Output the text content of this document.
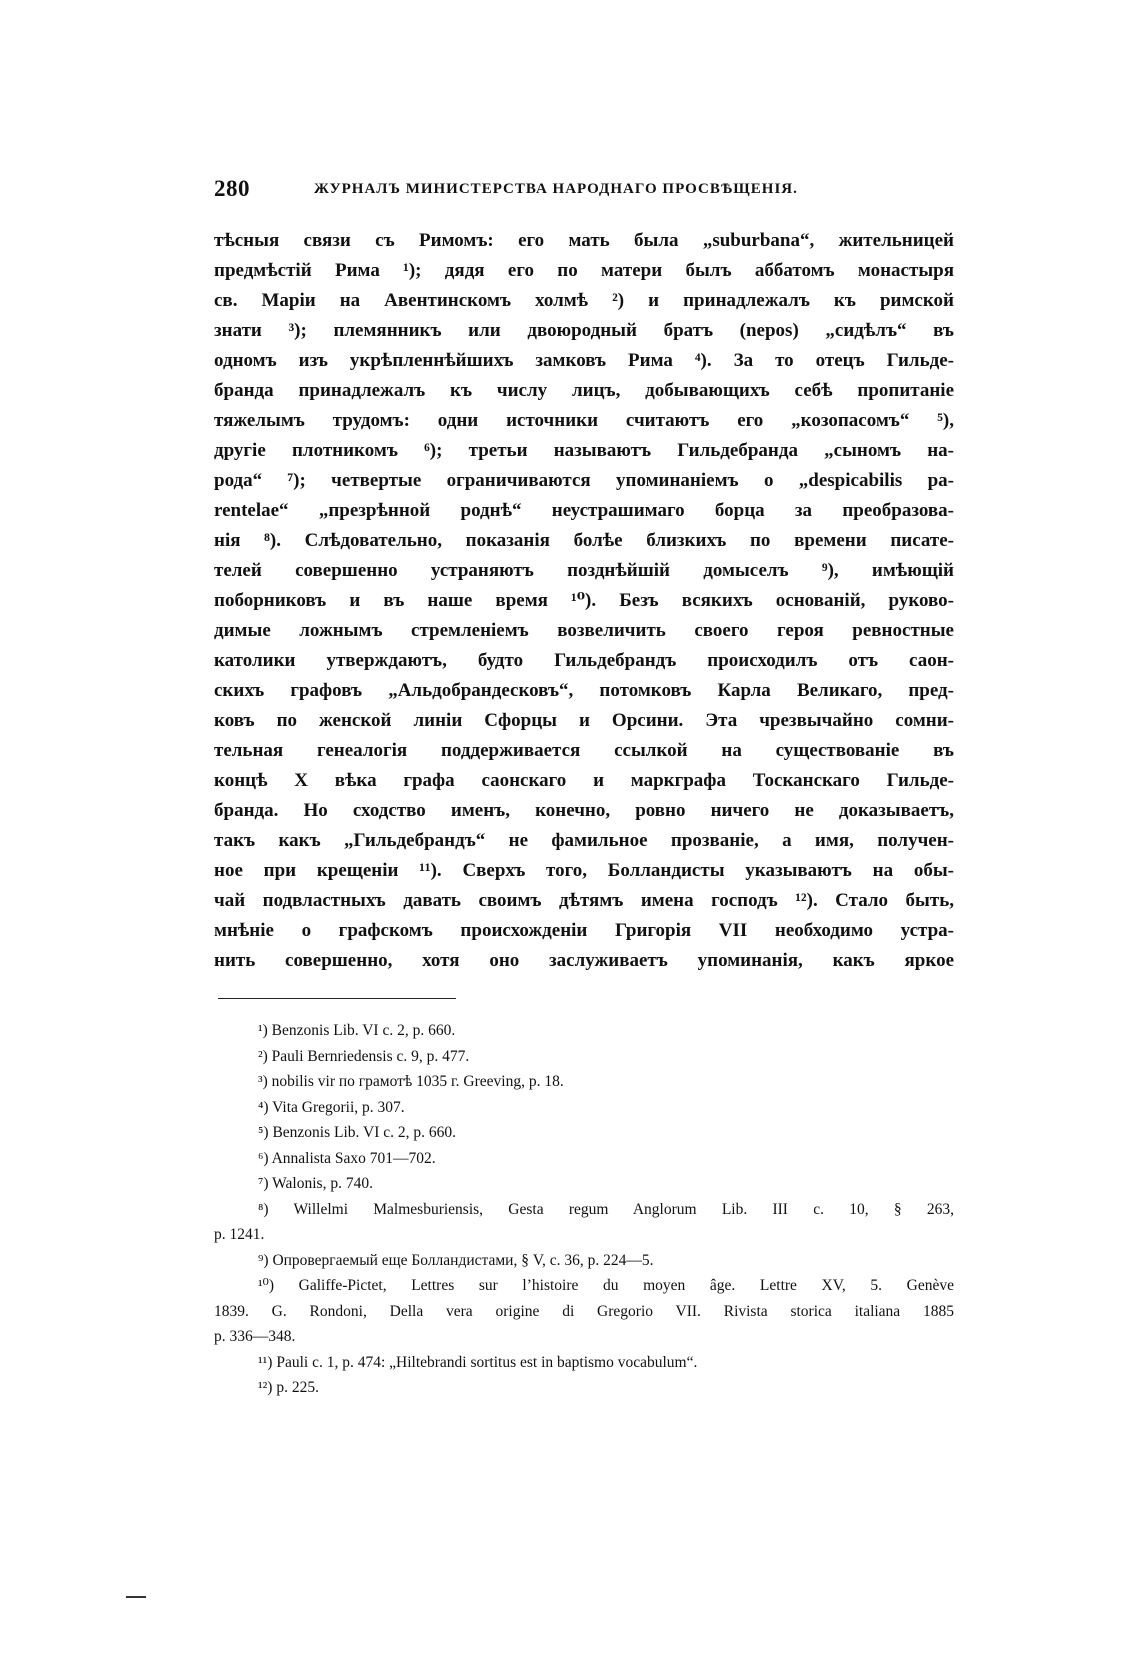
280	ЖУРНАЛЪ МИНИСТЕРСТВА НАРОДНАГО ПРОСВѢЩЕНІЯ.
тѣсныя связи съ Римомъ: его мать была „suburbana“, жительницей
предмѣстій Рима ¹); дядя его по матери былъ аббатомъ монастыря
св. Маріи на Авентинскомъ холмѣ ²) и принадлежалъ къ римской
знати ³); племянникъ или двоюродный братъ (nepos) „сидѣлъ“ въ
одномъ изъ укрѣпленнѣйшихъ замковъ Рима ⁴). За то отецъ Гильде-
бранда принадлежалъ къ числу лицъ, добывающихъ себѣ пропитаніе
тяжелымъ трудомъ: одни источники считаютъ его „козопасомъ“ ⁵),
другіе плотникомъ ⁶); третьи называютъ Гильдебранда „сыномъ на-
рода“ ⁷); четвертые ограничиваются упоминаніемъ о „despicabilis pa-
rentelae“ „презрѣнной роднѣ“ неустрашимаго борца за преобразова-
нія ⁸). Слѣдовательно, показанія болѣе близкихъ по времени писате-
телей совершенно устраняютъ позднѣйшій домыселъ ⁹), имѣющій
поборниковъ и въ наше время ¹⁰). Безъ всякихъ основаній, руково-
димые ложнымъ стремленіемъ возвеличить своего героя ревностные
католики утверждаютъ, будто Гильдебрандъ происходилъ отъ саон-
скихъ графовъ „Альдобрандесковъ“, потомковъ Карла Великаго, пред-
ковъ по женской линіи Сфорцы и Орсини. Эта чрезвычайно сомни-
тельная генеалогія поддерживается ссылкой на существованіе въ
концѣ X вѣка графа саонскаго и маркграфа Тосканскаго Гильде-
бранда. Но сходство именъ, конечно, ровно ничего не доказываетъ,
такъ какъ „Гильдебрандъ“ не фамильное прозваніе, а имя, получен-
ное при крещеніи ¹¹). Сверхъ того, Болландисты указываютъ на обы-
чай подвластныхъ давать своимъ дѣтямъ имена господъ ¹²). Стало быть,
мнѣніе о графскомъ происхожденіи Григорія VII необходимо устра-
нить совершенно, хотя оно заслуживаетъ упоминанія, какъ яркое
¹) Benzonis Lib. VI c. 2, p. 660.
²) Pauli Bernriedensis c. 9, p. 477.
³) nobilis vir по грамотѣ 1035 г. Greeving, p. 18.
⁴) Vita Gregorii, p. 307.
⁵) Benzonis Lib. VI c. 2, p. 660.
⁶) Annalista Saxo 701—702.
⁷) Walonis, p. 740.
⁸) Willelmi Malmesburiensis, Gesta regum Anglorum Lib. III c. 10, § 263,
p. 1241.
⁹) Опровергаемый еще Болландистами, § V, c. 36, p. 224—5.
¹⁰) Galiffe-Pictet, Lettres sur l’histoire du moyen âge. Lettre XV, 5. Genève
1839. G. Rondoni, Della vera origine di Gregorio VII. Rivista storica italiana 1885
p. 336—348.
¹¹) Pauli c. 1, p. 474: „Hiltebrandi sortitus est in baptismo vocabulum“.
¹²) p. 225.
